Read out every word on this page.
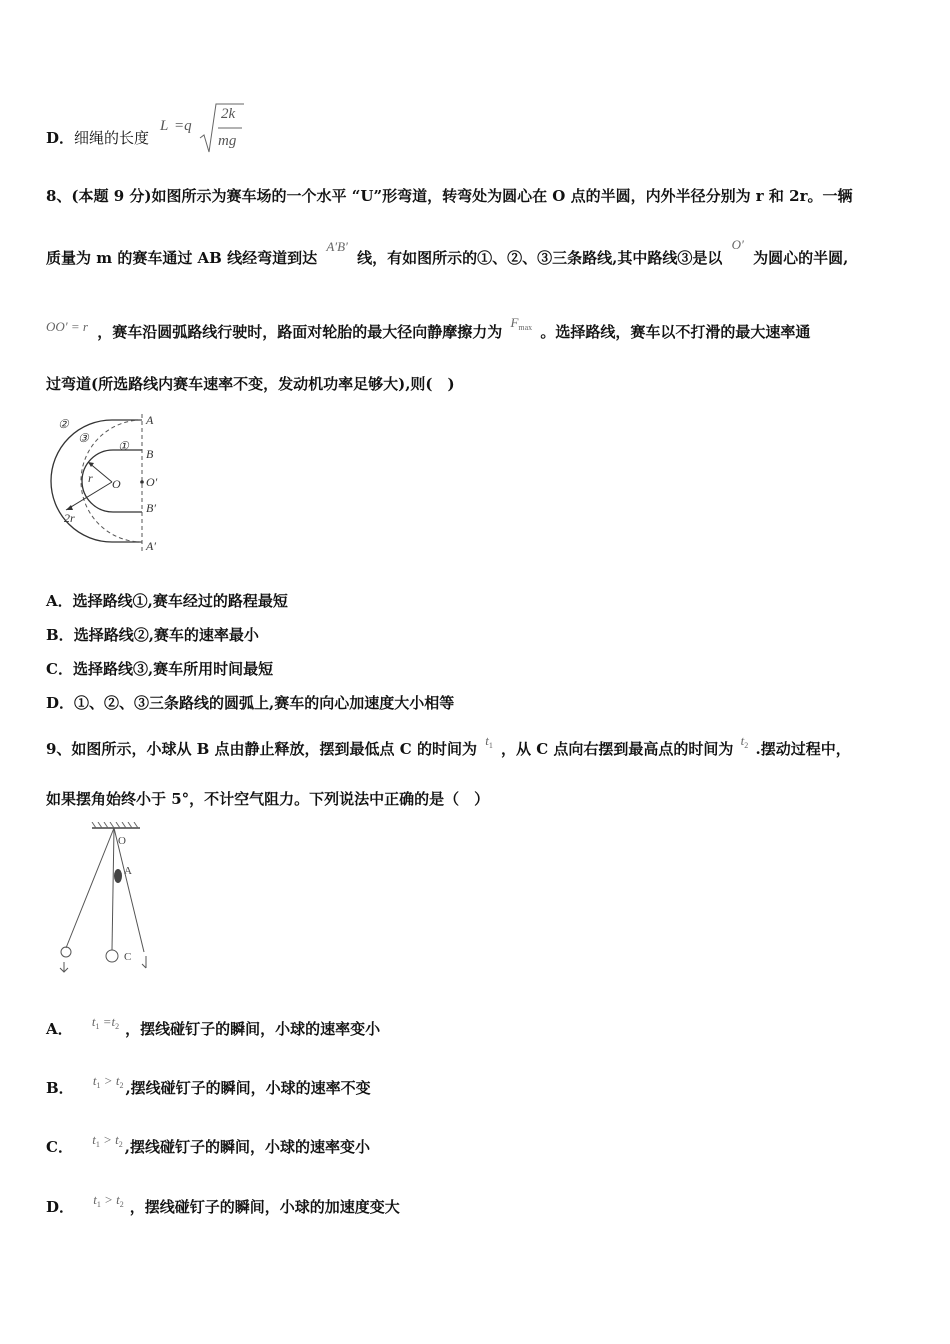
D．细绳的长度
L =q
2k
mg
8、(本题 9 分)如图所示为赛车场的一个水平 “U”形弯道，转弯处为圆心在 O 点的半圆，内外半径分别为 r 和 2r。一辆
质量为 m 的赛车通过 AB 线经弯道到达 A′B′ 线，有如图所示的①、②、③三条路线,其中路线③是以 O′ 为圆心的半圆,
OO′ = r ，赛车沿圆弧路线行驶时，路面对轮胎的最大径向静摩擦力为 $F_{max}$ 。选择路线，赛车以不打滑的最大速率通
过弯道(所选路线内赛车速率不变，发动机功率足够大),则(　)
②
③
①
A
B
r O O′
B′
2r
A′
A．选择路线①,赛车经过的路程最短
B．选择路线②,赛车的速率最小
C．选择路线③,赛车所用时间最短
D．①、②、③三条路线的圆弧上,赛车的向心加速度大小相等
9、如图所示，小球从 B 点由静止释放，摆到最低点 C 的时间为 $t_1$ ，从 C 点向右摆到最高点的时间为 $t_2$ .摆动过程中，
如果摆角始终小于 5°，不计空气阻力。下列说法中正确的是（　）
O
A
C
A． $t_1 =t_2$ ，摆线碰钉子的瞬间，小球的速率变小
B． $t_1 > t_2$ ,摆线碰钉子的瞬间，小球的速率不变
C． $t_1 > t_2$ ,摆线碰钉子的瞬间，小球的速率变小
D． $t_1 > t_2$ ，摆线碰钉子的瞬间，小球的加速度变大
